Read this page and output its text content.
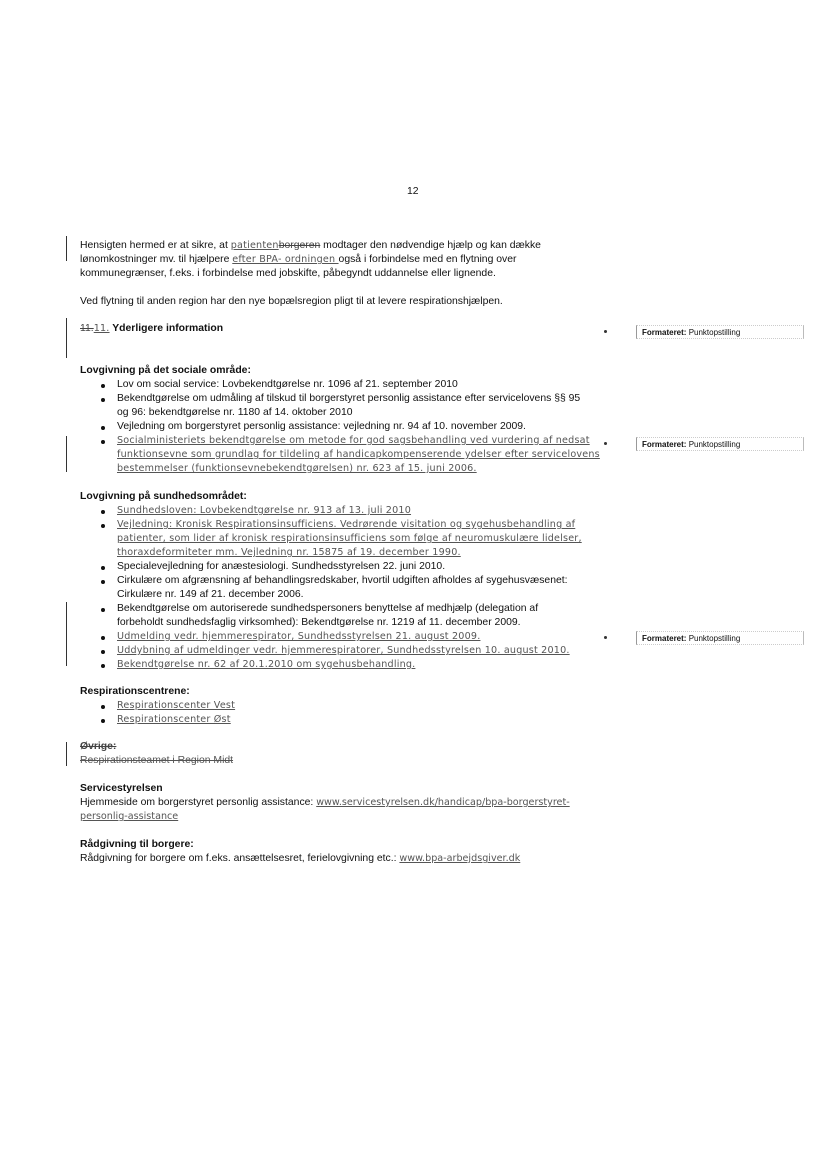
12
Hensigten hermed er at sikre, at patientenborgeren modtager den nødvendige hjælp og kan dække
lønomkostninger mv. til hjælpere efter BPA- ordningen også i forbindelse med en flytning over
kommunegrænser, f.eks. i forbindelse med jobskifte, påbegyndt uddannelse eller lignende.
Ved flytning til anden region har den nye bopælsregion pligt til at levere respirationshjælpen.
11.11. Yderligere information	Formateret: Punktopstilling
Formateret: Punktopstilling
Formateret: Punktopstilling
Lovgivning på det sociale område:
Lov om social service: Lovbekendtgørelse nr. 1096 af 21. september 2010
Bekendtgørelse om udmåling af tilskud til borgerstyret personlig assistance efter servicelovens §§ 95
og 96: bekendtgørelse nr. 1180 af 14. oktober 2010
Vejledning om borgerstyret personlig assistance: vejledning nr. 94 af 10. november 2009.
Socialministeriets bekendtgørelse om metode for god sagsbehandling ved vurdering af nedsat
funktionsevne som grundlag for tildeling af handicapkompenserende ydelser efter servicelovens
bestemmelser (funktionsevnebekendtgørelsen) nr. 623 af 15. juni 2006.
Lovgivning på sundhedsområdet:
Sundhedsloven: Lovbekendtgørelse nr. 913 af 13. juli 2010
Vejledning: Kronisk Respirationsinsufficiens. Vedrørende visitation og sygehusbehandling af
patienter, som lider af kronisk respirationsinsufficiens som følge af neuromuskulære lidelser,
thoraxdeformiteter mm. Vejledning nr. 15875 af 19. december 1990.
Specialevejledning for anæstesiologi. Sundhedsstyrelsen 22. juni 2010.
Cirkulære om afgrænsning af behandlingsredskaber, hvortil udgiften afholdes af sygehusvæsenet:
Cirkulære nr. 149 af 21. december 2006.
Bekendtgørelse om autoriserede sundhedspersoners benyttelse af medhjælp (delegation af
forbeholdt sundhedsfaglig virksomhed): Bekendtgørelse nr. 1219 af 11. december 2009.
Udmelding vedr. hjemmerespirator, Sundhedsstyrelsen 21. august 2009.
Uddybning af udmeldinger vedr. hjemmerespiratorer, Sundhedsstyrelsen 10. august 2010.
Bekendtgørelse nr. 62 af 20.1.2010 om sygehusbehandling.
Respirationscentrene:
Respirationscenter Vest
Respirationscenter Øst
Øvrige:
Respirationsteamet i Region Midt
Servicestyrelsen
Hjemmeside om borgerstyret personlig assistance: www.servicestyrelsen.dk/handicap/bpa-borgerstyret-
personlig-assistance
Rådgivning til borgere:
Rådgivning for borgere om f.eks. ansættelsesret, ferielovgivning etc.: www.bpa-arbejdsgiver.dk
